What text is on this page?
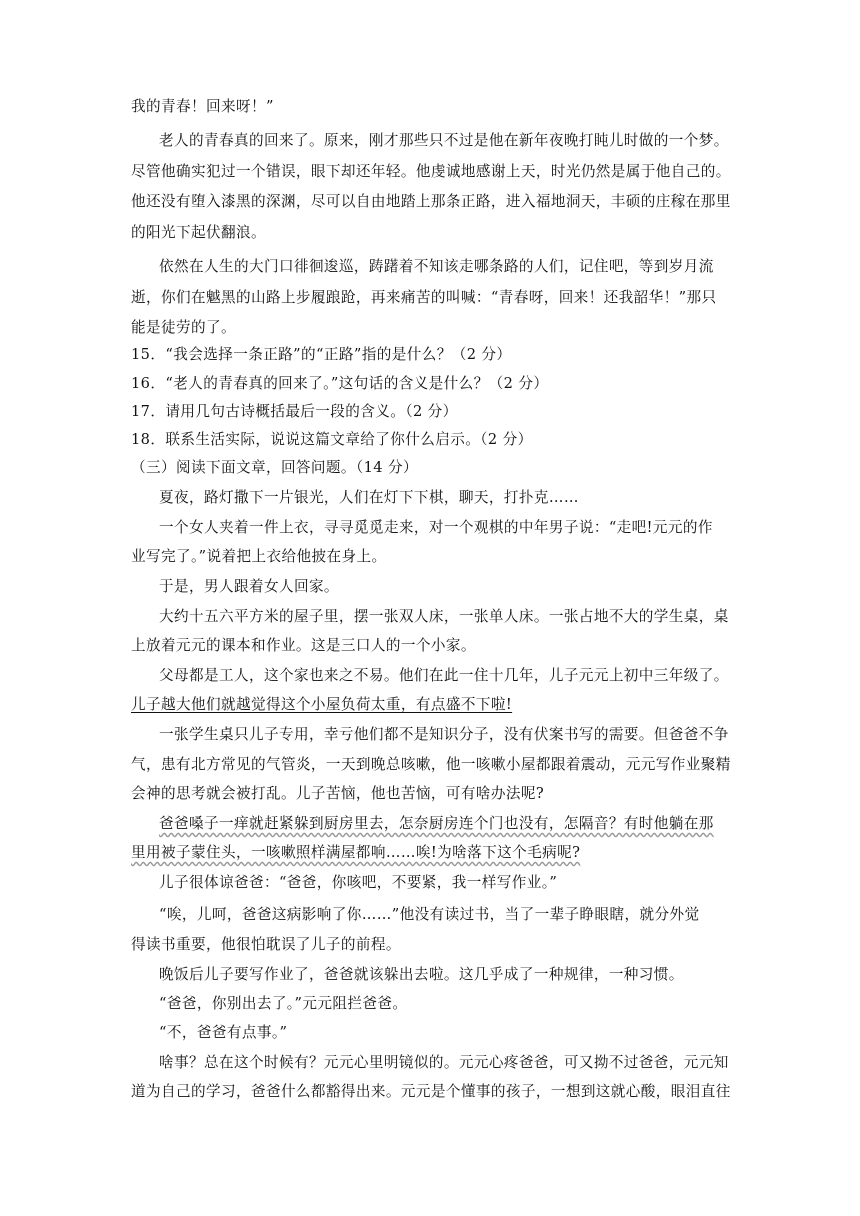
我的青春！回来呀！”
老人的青春真的回来了。原来，刚才那些只不过是他在新年夜晚打盹儿时做的一个梦。
尽管他确实犯过一个错误，眼下却还年轻。他虔诚地感谢上天，时光仍然是属于他自己的。
他还没有堕入漆黑的深渊，尽可以自由地踏上那条正路，进入福地洞天，丰硕的庄稼在那里
的阳光下起伏翻浪。
依然在人生的大门口徘徊逡巡，踌躇着不知该走哪条路的人们，记住吧，等到岁月流
逝，你们在魆黑的山路上步履踉跄，再来痛苦的叫喊：“青春呀，回来！还我韶华！”那只
能是徒劳的了。
15．“我会选择一条正路”的“正路”指的是什么？（2 分）
16．“老人的青春真的回来了。”这句话的含义是什么？（2 分）
17．请用几句古诗概括最后一段的含义。（2 分）
18．联系生活实际，说说这篇文章给了你什么启示。（2 分）
（三）阅读下面文章，回答问题。（14 分）
夏夜，路灯撒下一片银光，人们在灯下下棋，聊天，打扑克……
一个女人夹着一件上衣，寻寻觅觅走来，对一个观棋的中年男子说：“走吧!元元的作
业写完了。”说着把上衣给他披在身上。
于是，男人跟着女人回家。
大约十五六平方米的屋子里，摆一张双人床，一张单人床。一张占地不大的学生桌，桌
上放着元元的课本和作业。这是三口人的一个小家。
父母都是工人，这个家也来之不易。他们在此一住十几年，儿子元元上初中三年级了。
儿子越大他们就越觉得这个小屋负荷太重，有点盛不下啦!
一张学生桌只儿子专用，幸亏他们都不是知识分子，没有伏案书写的需要。但爸爸不争
气，患有北方常见的气管炎，一天到晚总咳嗽，他一咳嗽小屋都跟着震动，元元写作业聚精
会神的思考就会被打乱。儿子苦恼，他也苦恼，可有啥办法呢?
爸爸嗓子一痒就赶紧躲到厨房里去，怎奈厨房连个门也没有，怎隔音？有时他躺在那
里用被子蒙住头，一咳嗽照样满屋都响……唉!为啥落下这个毛病呢?
儿子很体谅爸爸：“爸爸，你咳吧，不要紧，我一样写作业。”
“唉，儿呵，爸爸这病影响了你……”他没有读过书，当了一辈子睁眼瞎，就分外觉
得读书重要，他很怕耽误了儿子的前程。
晚饭后儿子要写作业了，爸爸就该躲出去啦。这几乎成了一种规律，一种习惯。
“爸爸，你别出去了。”元元阻拦爸爸。
“不，爸爸有点事。”
啥事？总在这个时候有？元元心里明镜似的。元元心疼爸爸，可又拗不过爸爸，元元知
道为自己的学习，爸爸什么都豁得出来。元元是个懂事的孩子，一想到这就心酸，眼泪直往
